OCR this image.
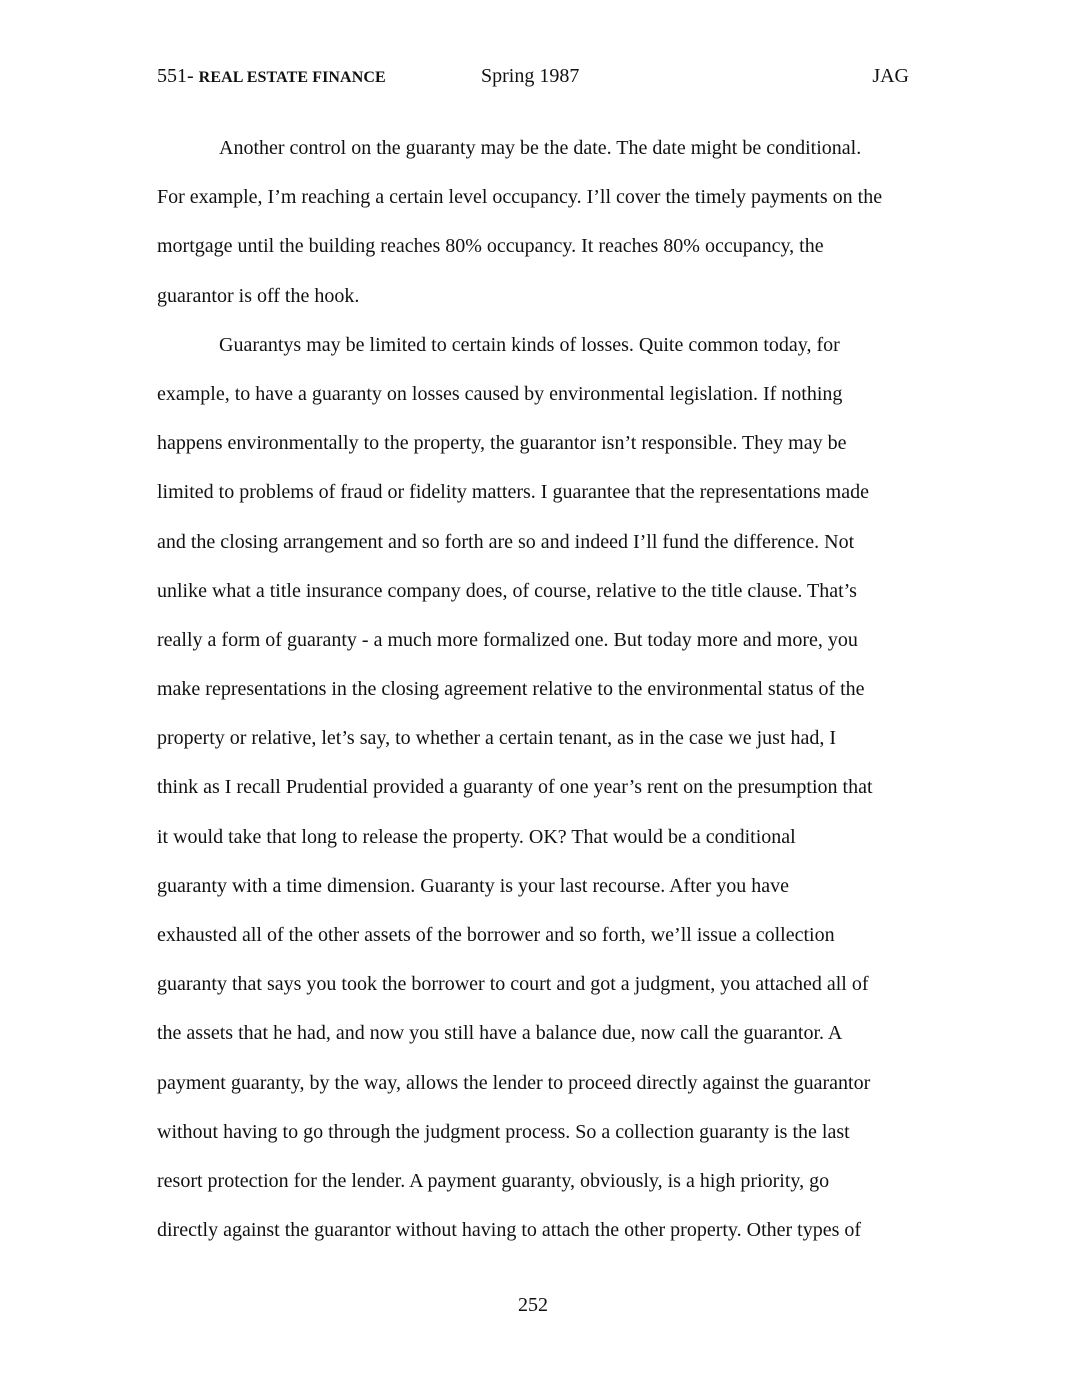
551- REAL ESTATE FINANCE	Spring 1987	JAG
Another control on the guaranty may be the date. The date might be conditional.
For example, I’m reaching a certain level occupancy. I’ll cover the timely payments on the
mortgage until the building reaches 80% occupancy. It reaches 80% occupancy, the
guarantor is off the hook.
Guarantys may be limited to certain kinds of losses. Quite common today, for
example, to have a guaranty on losses caused by environmental legislation. If nothing
happens environmentally to the property, the guarantor isn’t responsible. They may be
limited to problems of fraud or fidelity matters. I guarantee that the representations made
and the closing arrangement and so forth are so and indeed I’ll fund the difference. Not
unlike what a title insurance company does, of course, relative to the title clause. That’s
really a form of guaranty - a much more formalized one. But today more and more, you
make representations in the closing agreement relative to the environmental status of the
property or relative, let’s say, to whether a certain tenant, as in the case we just had, I
think as I recall Prudential provided a guaranty of one year’s rent on the presumption that
it would take that long to release the property. OK? That would be a conditional
guaranty with a time dimension. Guaranty is your last recourse. After you have
exhausted all of the other assets of the borrower and so forth, we’ll issue a collection
guaranty that says you took the borrower to court and got a judgment, you attached all of
the assets that he had, and now you still have a balance due, now call the guarantor. A
payment guaranty, by the way, allows the lender to proceed directly against the guarantor
without having to go through the judgment process. So a collection guaranty is the last
resort protection for the lender. A payment guaranty, obviously, is a high priority, go
directly against the guarantor without having to attach the other property. Other types of
252
